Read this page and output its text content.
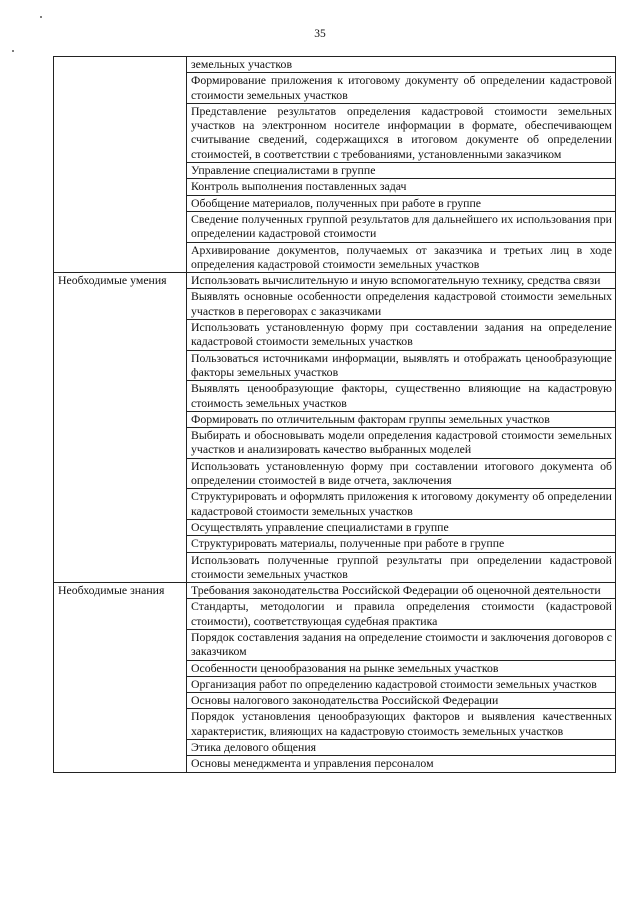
35
	земельных участков
	Формирование приложения к итоговому документу об определении кадастровой стоимости земельных участков
	Представление результатов определения кадастровой стоимости земельных участков на электронном носителе информации в формате, обеспечивающем считывание сведений, содержащихся в итоговом документе об определении стоимостей, в соответствии с требованиями, установленными заказчиком
	Управление специалистами в группе
	Контроль выполнения поставленных задач
	Обобщение материалов, полученных при работе в группе
	Сведение полученных группой результатов для дальнейшего их использования при определении кадастровой стоимости
	Архивирование документов, получаемых от заказчика и третьих лиц в ходе определения кадастровой стоимости земельных участков
Необходимые умения	Использовать вычислительную и иную вспомогательную технику, средства связи
	Выявлять основные особенности определения кадастровой стоимости земельных участков в переговорах с заказчиками
	Использовать установленную форму при составлении задания на определение кадастровой стоимости земельных участков
	Пользоваться источниками информации, выявлять и отображать ценообразующие факторы земельных участков
	Выявлять ценообразующие факторы, существенно влияющие на кадастровую стоимость земельных участков
	Формировать по отличительным факторам группы земельных участков
	Выбирать и обосновывать модели определения кадастровой стоимости земельных участков и анализировать качество выбранных моделей
	Использовать установленную форму при составлении итогового документа об определении стоимостей в виде отчета, заключения
	Структурировать и оформлять приложения к итоговому документу об определении кадастровой стоимости земельных участков
	Осуществлять управление специалистами в группе
	Структурировать материалы, полученные при работе в группе
	Использовать полученные группой результаты при определении кадастровой стоимости земельных участков
Необходимые знания	Требования законодательства Российской Федерации об оценочной деятельности
	Стандарты, методологии и правила определения стоимости (кадастровой стоимости), соответствующая судебная практика
	Порядок составления задания на определение стоимости и заключения договоров с заказчиком
	Особенности ценообразования на рынке земельных участков
	Организация работ по определению кадастровой стоимости земельных участков
	Основы налогового законодательства Российской Федерации
	Порядок установления ценообразующих факторов и выявления качественных характеристик, влияющих на кадастровую стоимость земельных участков
	Этика делового общения
	Основы менеджмента и управления персоналом
